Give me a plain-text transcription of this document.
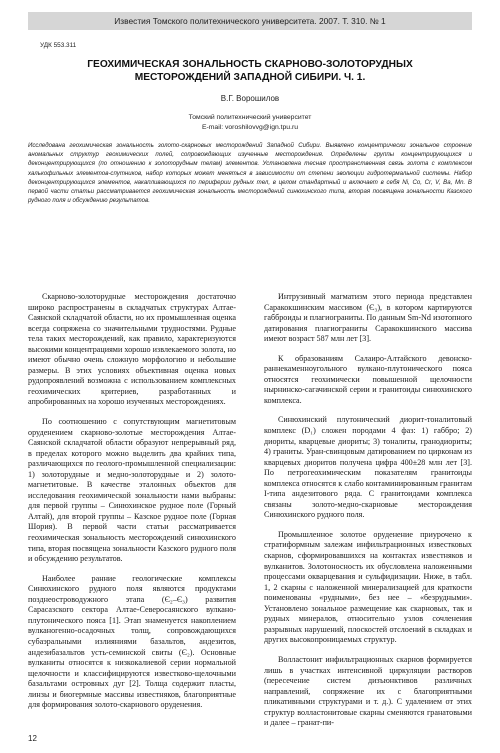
Известия Томского политехнического университета. 2007. Т. 310. № 1
УДК 553.311
ГЕОХИМИЧЕСКАЯ ЗОНАЛЬНОСТЬ СКАРНОВО-ЗОЛОТОРУДНЫХ
МЕСТОРОЖДЕНИЙ ЗАПАДНОЙ СИБИРИ. Ч. 1.
В.Г. Ворошилов
Томский политехнический университет
E-mail: voroshilovvg@ign.tpu.ru
Исследована геохимическая зональность золото-скарновых месторождений Западной Сибири. Выявлено концентрически зональное строение аномальных структур геохимических полей, сопровождающих изученные месторождения. Определены группы концентрирующихся и деконцентрирующихся (по отношению к золоторудным телам) элементов. Установлена тесная пространственная связь золота с комплексом халькофильных элементов-спутников, набор которых может меняться в зависимости от степени эволюции гидротермальной системы. Набор деконцентрирующихся элементов, накапливающихся по периферии рудных тел, в целом стандартный и включает в себя Ni, Co, Cr, V, Ba, Mn. В первой части статьи рассматривается геохимическая зональность месторождений синюхинского типа, вторая посвящена зональности Казского рудного поля и обсуждению результатов.

Скарново-золоторудные месторождения достаточно широко распространены в складчатых структурах Алтае-Саянской складчатой области, но их промышленная оценка всегда сопряжена со значительными трудностями. Рудные тела таких месторождений, как правило, характеризуются высокими концентрациями хорошо извлекаемого золота, но имеют обычно очень сложную морфологию и небольшие размеры. В этих условиях объективная оценка новых рудопроявлений возможна с использованием комплексных геохимических критериев, разработанных и апробированных на хорошо изученных месторождениях.

По соотношению с сопутствующим магнетитовым оруденением скарново-золотые месторождения Алтае-Саянской складчатой области образуют непрерывный ряд, в пределах которого можно выделить два крайних типа, различающихся по геолого-промышленной специализации: 1) золоторудные и медно-золоторудные и 2) золото-магнетитовые. В качестве эталонных объектов для исследования геохимической зональности нами выбраны: для первой группы – Синюхинское рудное поле (Горный Алтай), для второй группы – Казское рудное поле (Горная Шория). В первой части статьи рассматривается геохимическая зональность месторождений синюхинского типа, вторая посвящена зональности Казского рудного поля и обсуждению результатов.

Наиболее ранние геологические комплексы Синюхинского рудного поля являются продуктами позднеостроводужного этапа (Є₂–Є₃) развития Сарасазского сектора Алтае-Северосаянского вулкано-плутонического пояса [1]. Этап знаменуется накоплением вулканогенно-осадочных толщ, сопровождающихся субаэральными излияниями базальтов, андезитов, андезибазальтов усть-семинской свиты (Є₂). Основные вулканиты относятся к низкокалиевой серии нормальной щелочности и классифицируются известково-щелочными базальтами островных дуг [2]. Толща содержит пласты, линзы и биогермные массивы известняков, благоприятные для формирования золото-скарнового оруденения.

Интрузивный магматизм этого периода представлен Саракокшинским массивом (Є₃), в котором картируются габброиды и плагиограниты. По данным Sm-Nd изотопного датирования плагиограниты Саракокшинского массива имеют возраст 587 млн лет [3].

К образованиям Салаиро-Алтайского девонско-раннекаменноугольного вулкано-плутонического пояса относятся геохимически повышенной щелочности нырнинско-сагачинской серии и гранитоиды синюхинского комплекса.

Синюхинский плутонический диорит-тоналитовый комплекс (D₁) сложен породами 4 фаз: 1) габбро; 2) диориты, кварцевые диориты; 3) тоналиты, гранодиориты; 4) граниты. Уран-свинцовым датированием по цирконам из кварцевых диоритов получена цифра 400±28 млн лет [3]. По петрогеохимическим показателям гранитоиды комплекса относятся к слабо контаминированным гранитам I-типа андезитового ряда. С гранитоидами комплекса связаны золото-медно-скарновые месторождения Синюхинского рудного поля.

Промышленное золотое оруденение приурочено к стратиформным залежам инфильтрационных известковых скарнов, сформировавшихся на контактах известняков и вулканитов. Золотоносность их обусловлена наложенными процессами окварцевания и сульфидизации. Ниже, в табл. 1, 2 скарны с наложенной минерализацией для краткости поименованы «рудными», без нее – «безрудными». Установлено зональное размещение как скарновых, так и рудных минералов, относительно узлов сочленения разрывных нарушений, плоскостей отслоений в складках и других высокопроницаемых структур.

Волластонит инфильтрационных скарнов формируется лишь в участках интенсивной циркуляции растворов (пересечение систем дизъюнктивов различных направлений, сопряжение их с благоприятными пликативными структурами и т. д.). С удалением от этих структур волластонитовые скарны сменяются гранатовыми и далее – гранат-пи-

12
